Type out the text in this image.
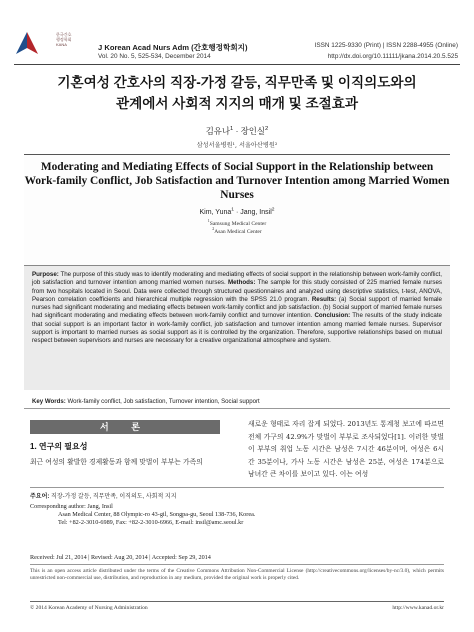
한국간호
행정학회
KANA	J Korean Acad Nurs Adm (간호행정학회지)
Vol. 20 No. 5, 525-534, December 2014
ISSN 1225-9330 (Print) | ISSN 2288-4955 (Online)
http://dx.doi.org/10.11111/jkana.2014.20.5.525
기혼여성 간호사의 직장-가정 갈등, 직무만족 및 이직의도와의
관계에서 사회적 지지의 매개 및 조절효과
김유나$^1$ · 장인실$^2$
삼성서울병원¹, 서울아산병원²
Moderating and Mediating Effects of Social Support in the Relationship between Work-family Conflict, Job Satisfaction and Turnover Intention among Married Women Nurses
Kim, Yuna$^1$ · Jang, Insil$^2$
$^1$Samsung Medical Center
$^2$Asan Medical Center

Purpose: The purpose of this study was to identify moderating and mediating effects of social support in the relationship between work-family conflict, job satisfaction and turnover intention among married women nurses. Methods: The sample for this study consisted of 225 married female nurses from two hospitals located in Seoul. Data were collected through structured questionnaires and analyzed using descriptive statistics, t-test, ANOVA, Pearson correlation coefficients and hierarchical multiple regression with the SPSS 21.0 program. Results: (a) Social support of married female nurses had significant moderating and mediating effects between work-family conflict and job satisfaction. (b) Social support of married female nurses had significant moderating and mediating effects between work-family conflict and turnover intention. Conclusion: The results of the study indicate that social support is an important factor in work-family conflict, job satisfaction and turnover intention among married female nurses. Supervisor support is important to married nurses as social support as it is controlled by the organization. Therefore, supportive relationships based on mutual respect between supervisors and nurses are necessary for a creative organizational atmosphere and system.

Key Words: Work-family conflict, Job satisfaction, Turnover intention, Social support
서 론
1. 연구의 필요성
최근 여성의 활발한 경제활동과 함께 맞벌이 부부는 가족의
새로운 형태로 자리 잡게 되었다. 2013년도 통계청 보고에 따르면 전체 가구의 42.9%가 맞벌이 부부로 조사되었다[1]. 이러한 맞벌이 부부의 취업 노동 시간은 남성은 7시간 46분이며, 여성은 6시간 35분이나, 가사 노동 시간은 남성은 25분, 여성은 174분으로 남녀간 큰 차이를 보이고 있다. 이는 여성
주요어: 직장-가정 갈등, 직무만족, 이직의도, 사회적 지지
Corresponding author: Jang, Insil
Asan Medical Center, 88 Olympic-ro 43-gil, Songpa-gu, Seoul 138-736, Korea.
Tel: +82-2-3010-6989, Fax: +82-2-3010-6966, E-mail: insil@amc.seoul.kr
Received: Jul 21, 2014 | Revised: Aug 20, 2014 | Accepted: Sep 29, 2014
This is an open access article distributed under the terms of the Creative Commons Attribution Non-Commercial License (http://creativecommons.org/licenses/by-nc/3.0), which permits unrestricted non-commercial use, distribution, and reproduction in any medium, provided the original work is properly cited.
© 2014 Korean Academy of Nursing Administration	http://www.kanad.or.kr
